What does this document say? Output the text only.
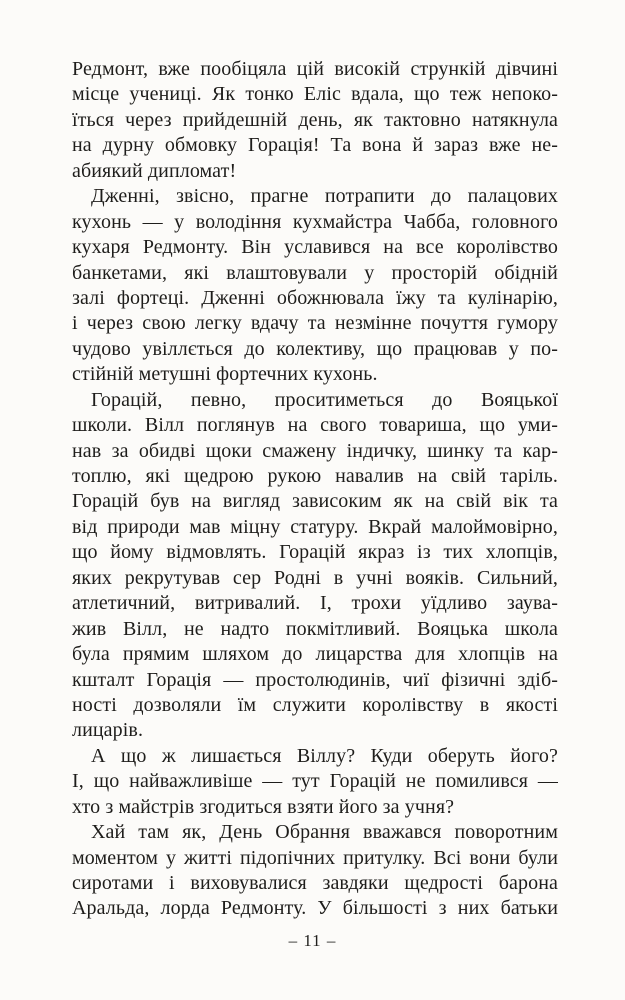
Редмонт, вже пообіцяла цій високій стрункій дівчині
місце учениці. Як тонко Еліс вдала, що теж непоко-
їться через прийдешній день, як тактовно натякнула
на дурну обмовку Горація! Та вона й зараз вже не-
абиякий дипломат!
Дженні, звісно, прагне потрапити до палацових
кухонь — у володіння кухмайстра Чабба, головного
кухаря Редмонту. Він уславився на все королівство
банкетами, які влаштовували у просторій обідній
залі фортеці. Дженні обожнювала їжу та кулінарію,
і через свою легку вдачу та незмінне почуття гумору
чудово увіллється до колективу, що працював у по-
стійній метушні фортечних кухонь.
Горацій, певно, проситиметься до Вояцької
школи. Вілл поглянув на свого товариша, що уми-
нав за обидві щоки смажену індичку, шинку та кар-
топлю, які щедрою рукою навалив на свій таріль.
Горацій був на вигляд зависоким як на свій вік та
від природи мав міцну статуру. Вкрай малоймовірно,
що йому відмовлять. Горацій якраз із тих хлопців,
яких рекрутував сер Родні в учні вояків. Сильний,
атлетичний, витривалий. І, трохи уїдливо заува-
жив Вілл, не надто покмітливий. Вояцька школа
була прямим шляхом до лицарства для хлопців на
кшталт Горація — простолюдинів, чиї фізичні здіб-
ності дозволяли їм служити королівству в якості
лицарів.
А що ж лишається Віллу? Куди оберуть його?
І, що найважливіше — тут Горацій не помилився —
хто з майстрів згодиться взяти його за учня?
Хай там як, День Обрання вважався поворотним
моментом у житті підопічних притулку. Всі вони були
сиротами і виховувалися завдяки щедрості барона
Аральда, лорда Редмонту. У більшості з них батьки
– 11 –
